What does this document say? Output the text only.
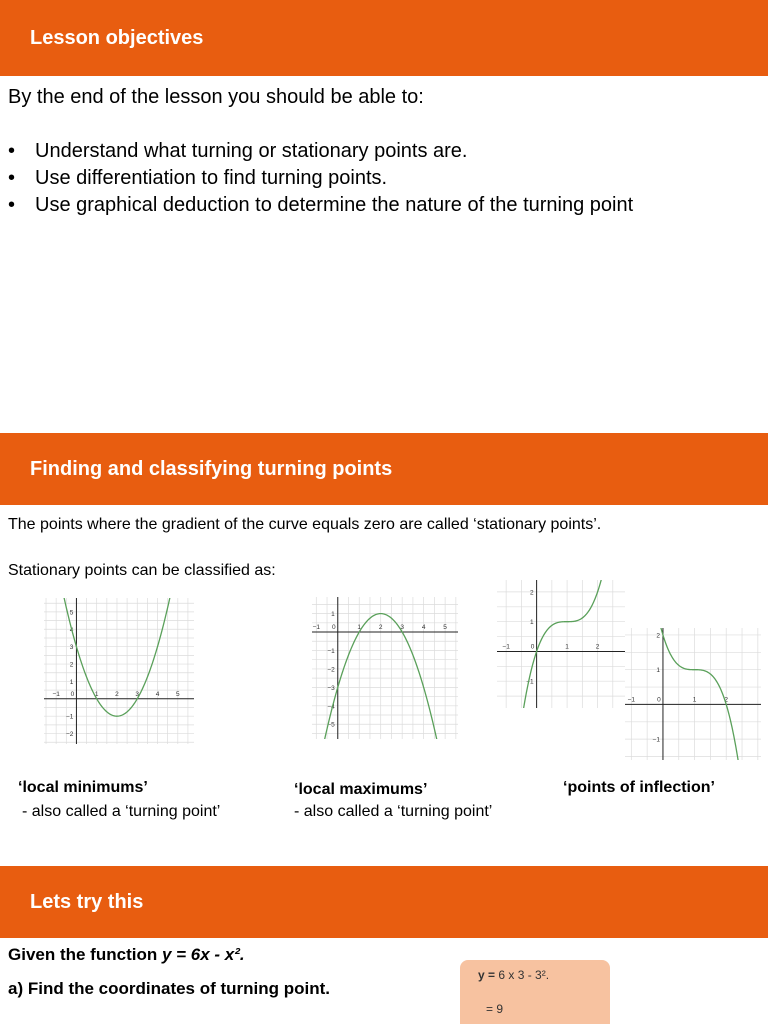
Lesson objectives
By the end of the lesson you should be able to:
• Understand what turning or stationary points are.
• Use differentiation to find turning points.
• Use graphical deduction to determine the nature of the turning point
Finding and classifying turning points
The points where the gradient of the curve equals zero are called ‘stationary points’.
Stationary points can be classified as:
−1 0	1	2	3	4	5
5
4
3
2
1
−1
−2
−1 0	1	2	3	4	5
1
−1
−2
−3
−4
−5
−1	0	1	2
2
1
−1
−1	0	1	2
2
1
−1
‘local minimums’
- also called a ‘turning point’
‘local maximums’
- also called a ‘turning point’
‘points of inflection’
Lets try this
Given the function y = 6x - x².
a) Find the coordinates of turning point.
y = 6 x 3 - 3².
= 9
